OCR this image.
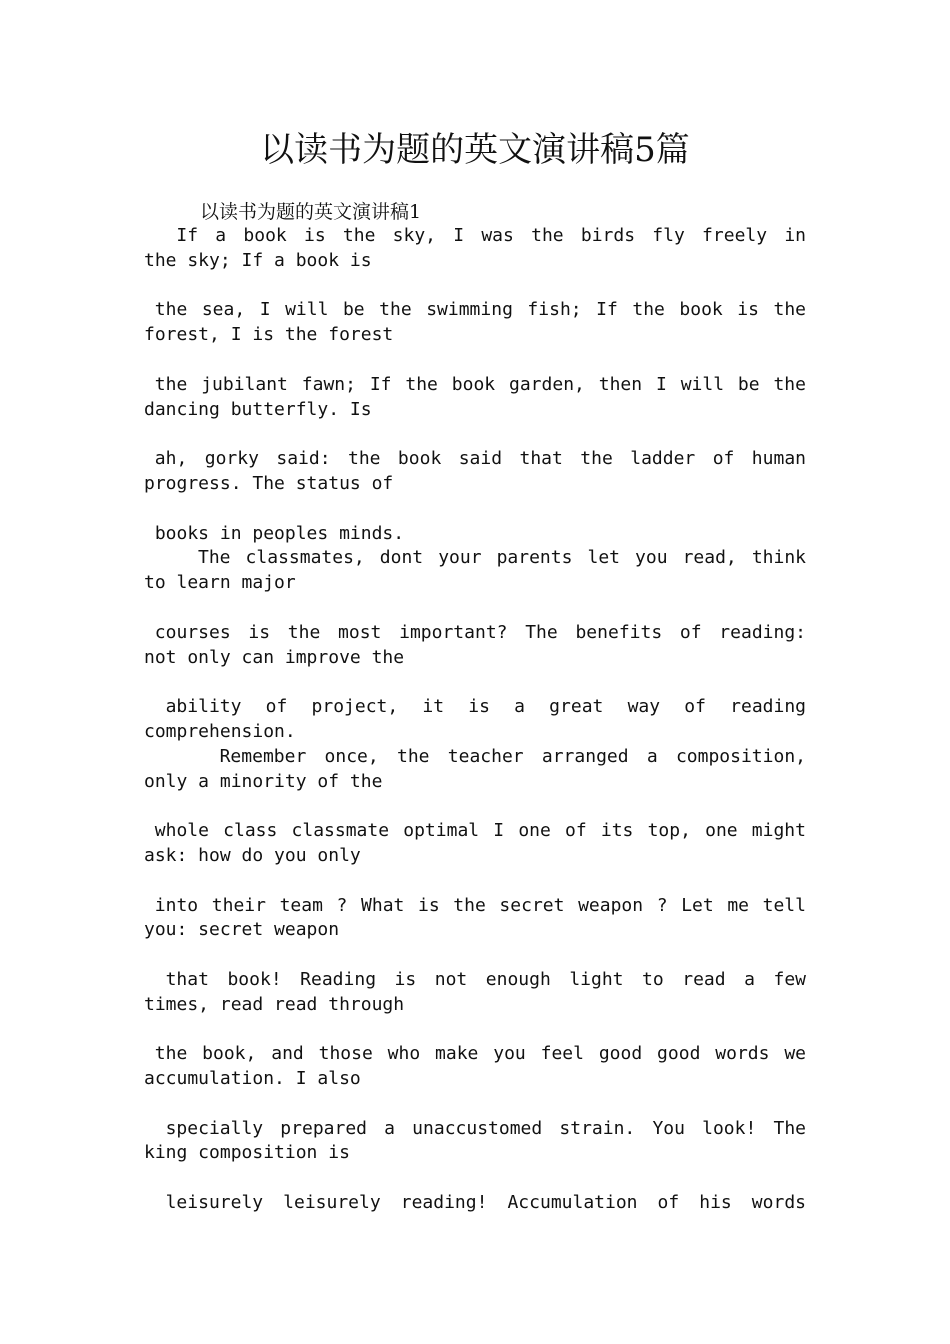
以读书为题的英文演讲稿5篇
以读书为题的英文演讲稿1
If a book is the sky, I was the birds fly freely in
the sky; If a book is
the sea, I will be the swimming fish; If the book is the
forest, I is the forest
the jubilant fawn; If the book garden, then I will be the
dancing butterfly. Is
ah, gorky said: the book said that the ladder of human
progress. The status of
books in peoples minds.
The classmates, dont your parents let you read, think
to learn major
courses is the most important? The benefits of reading:
not only can improve the
ability of project, it is a great way of reading
comprehension.
Remember once, the teacher arranged a composition,
only a minority of the
whole class classmate optimal I one of its top, one might
ask: how do you only
into their team ? What is the secret weapon ? Let me tell
you: secret weapon
that book! Reading is not enough light to read a few
times, read read through
the book, and those who make you feel good good words we
accumulation. I also
specially prepared a unaccustomed strain. You look! The
king composition is
leisurely leisurely reading! Accumulation of his words
